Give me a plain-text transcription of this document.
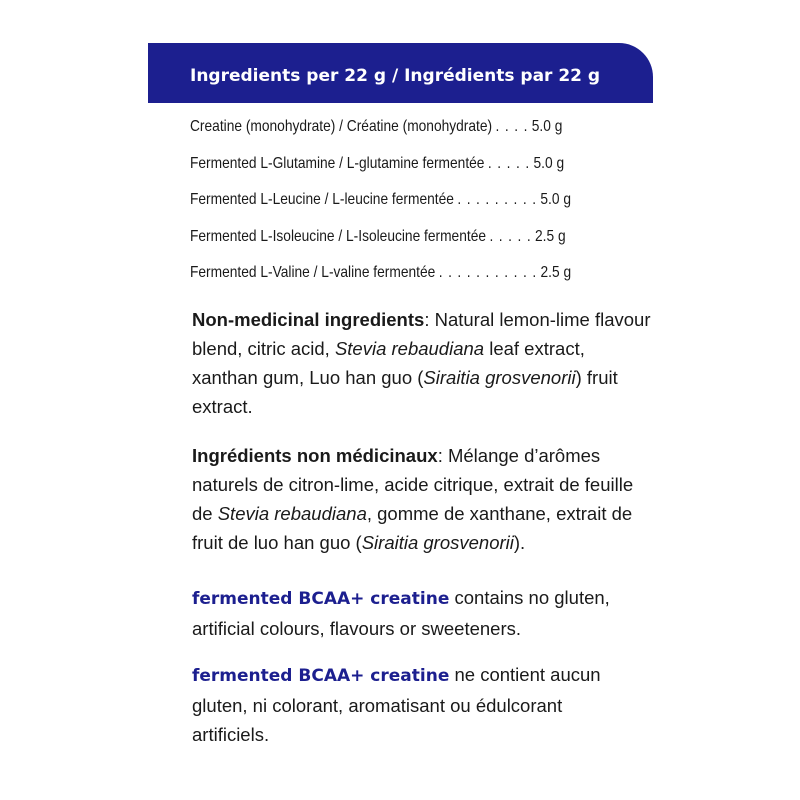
Ingredients per 22 g / Ingrédients par 22 g
Creatine (monohydrate) / Créatine (monohydrate) . . . . 5.0 g
Fermented L-Glutamine / L-glutamine fermentée . . . . . 5.0 g
Fermented L-Leucine / L-leucine fermentée . . . . . . . . . 5.0 g
Fermented L-Isoleucine / L-Isoleucine fermentée . . . . . 2.5 g
Fermented L-Valine / L-valine fermentée . . . . . . . . . . . 2.5 g

Non-medicinal ingredients: Natural lemon-lime flavour blend, citric acid, Stevia rebaudiana leaf extract, xanthan gum, Luo han guo (Siraitia grosvenorii) fruit extract.

Ingrédients non médicinaux: Mélange d’arômes naturels de citron-lime, acide citrique, extrait de feuille de Stevia rebaudiana, gomme de xanthane, extrait de fruit de luo han guo (Siraitia grosvenorii).

fermented BCAA+ creatine contains no gluten, artificial colours, flavours or sweeteners.

fermented BCAA+ creatine ne contient aucun gluten, ni colorant, aromatisant ou édulcorant artificiels.
